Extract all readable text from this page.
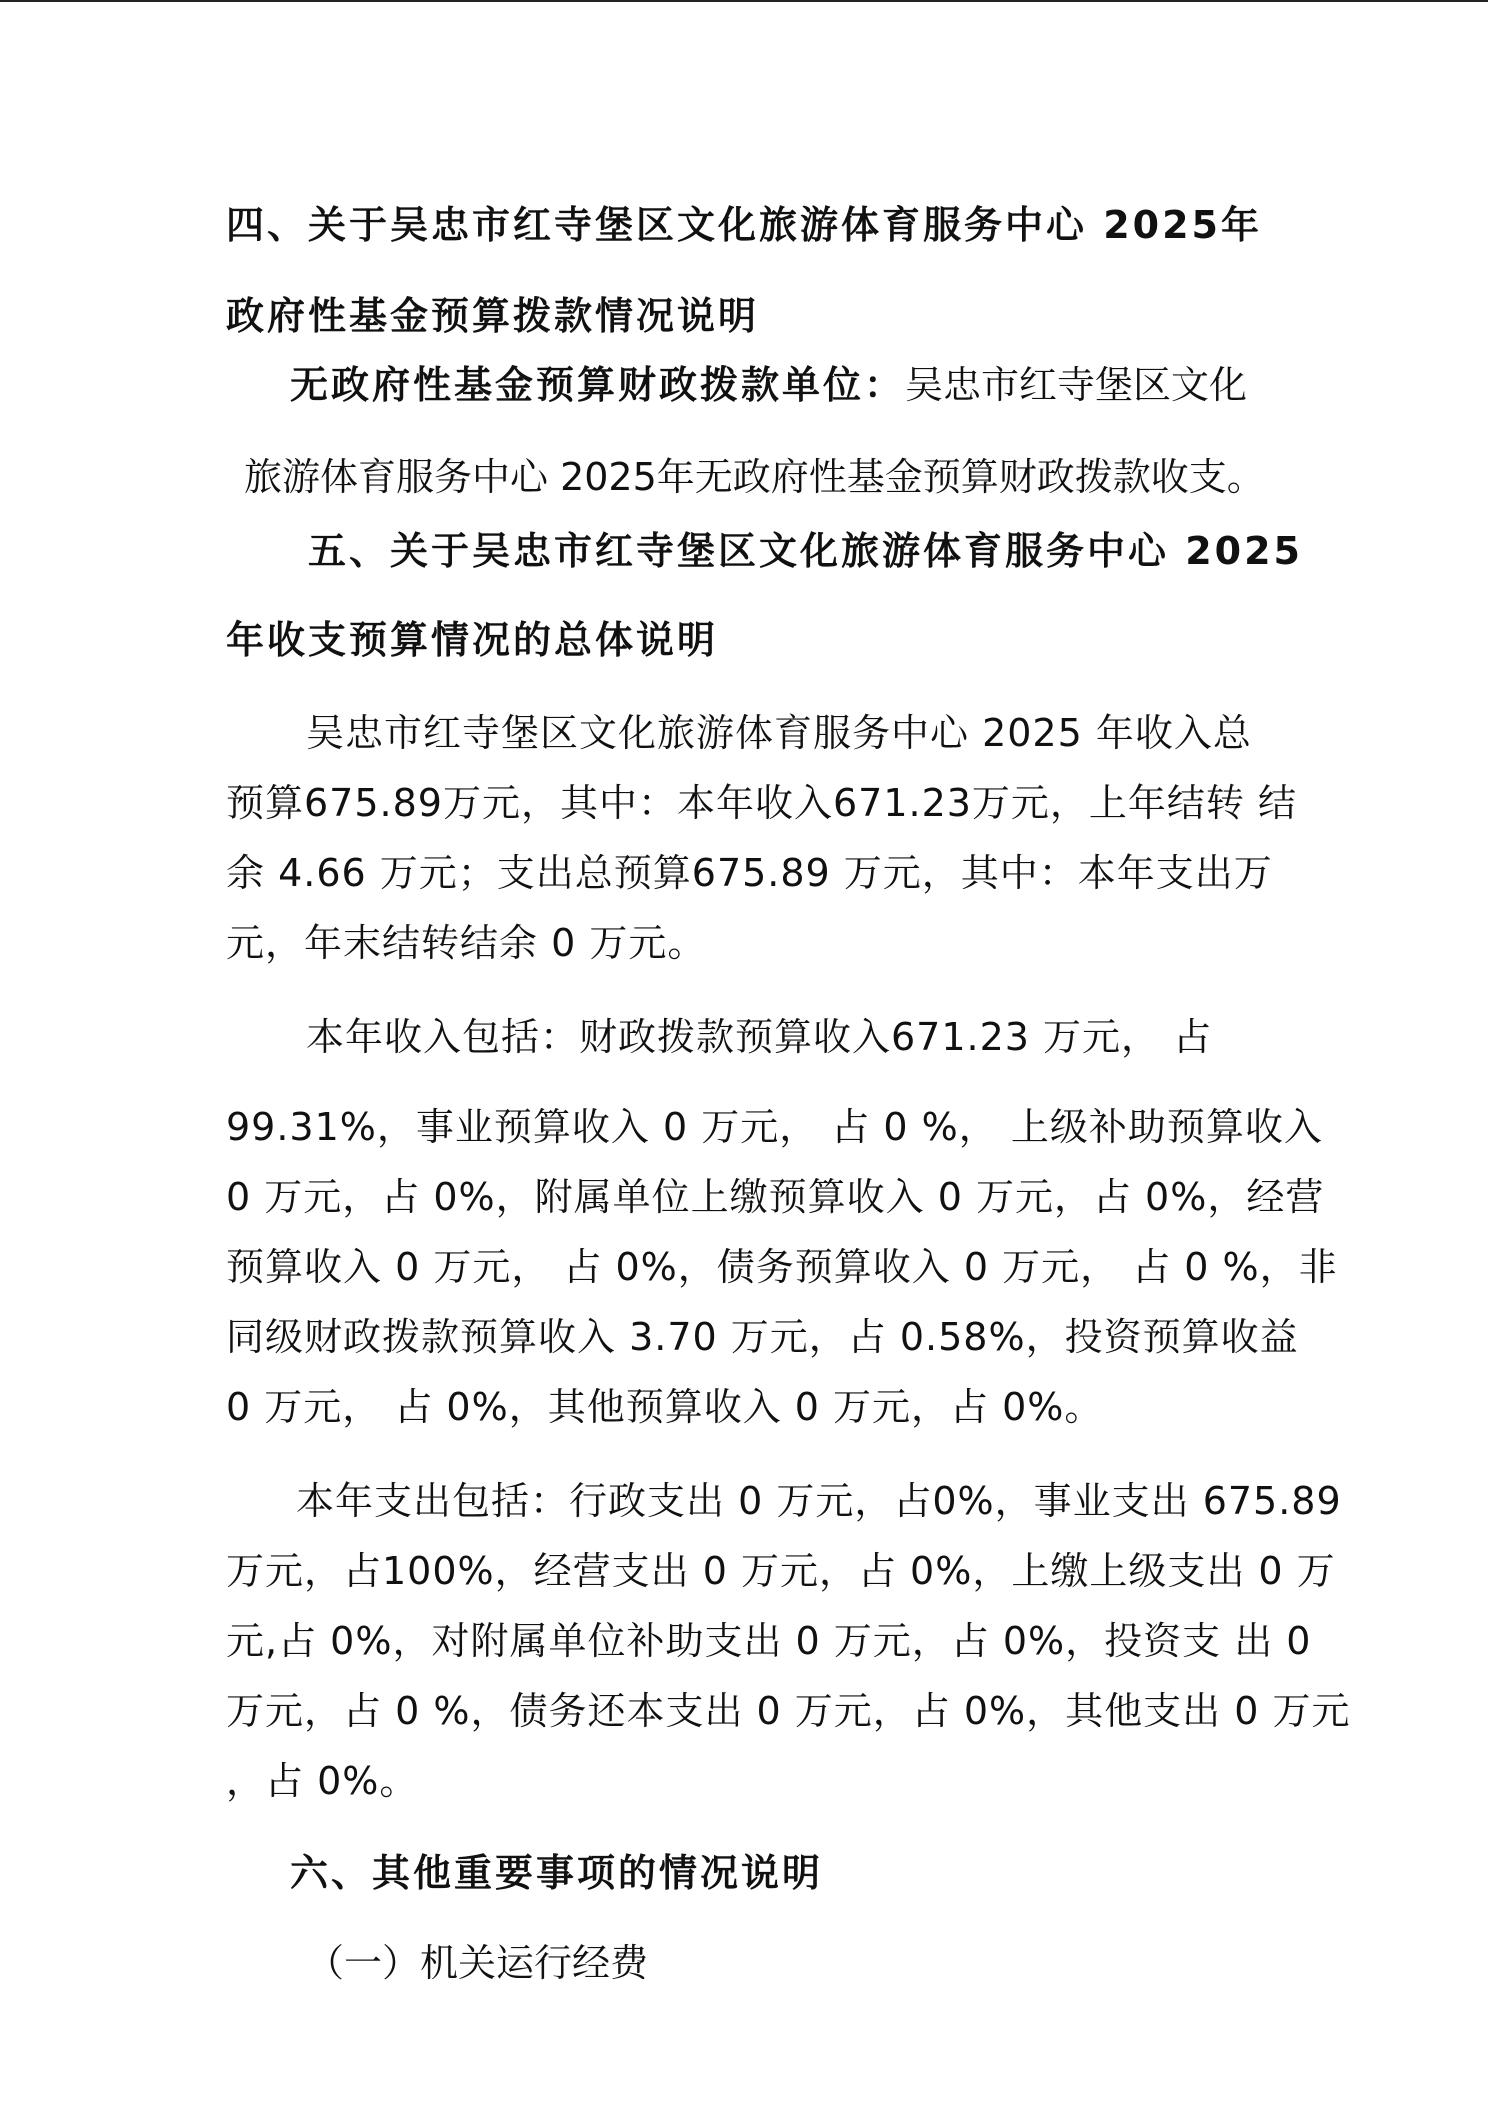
四、关于吴忠市红寺堡区文化旅游体育服务中心 2025年
政府性基金预算拨款情况说明
无政府性基金预算财政拨款单位：吴忠市红寺堡区文化
旅游体育服务中心 2025年无政府性基金预算财政拨款收支。
五、关于吴忠市红寺堡区文化旅游体育服务中心 2025
年收支预算情况的总体说明
吴忠市红寺堡区文化旅游体育服务中心 2025 年收入总
预算675.89万元，其中：本年收入671.23万元，上年结转 结
余 4.66 万元；支出总预算675.89 万元，其中：本年支出万
元，年末结转结余 0 万元。
本年收入包括：财政拨款预算收入671.23 万元， 占
99.31%，事业预算收入 0 万元， 占 0 %， 上级补助预算收入
0 万元，占 0%，附属单位上缴预算收入 0 万元，占 0%，经营
预算收入 0 万元， 占 0%，债务预算收入 0 万元， 占 0 %，非
同级财政拨款预算收入 3.70 万元，占 0.58%，投资预算收益
0 万元， 占 0%，其他预算收入 0 万元，占 0%。
本年支出包括：行政支出 0 万元，占0%，事业支出 675.89
万元，占100%，经营支出 0 万元，占 0%，上缴上级支出 0 万
元,占 0%，对附属单位补助支出 0 万元，占 0%，投资支 出 0
万元，占 0 %，债务还本支出 0 万元，占 0%，其他支出 0 万元
，占 0%。
六、其他重要事项的情况说明
（一）机关运行经费
